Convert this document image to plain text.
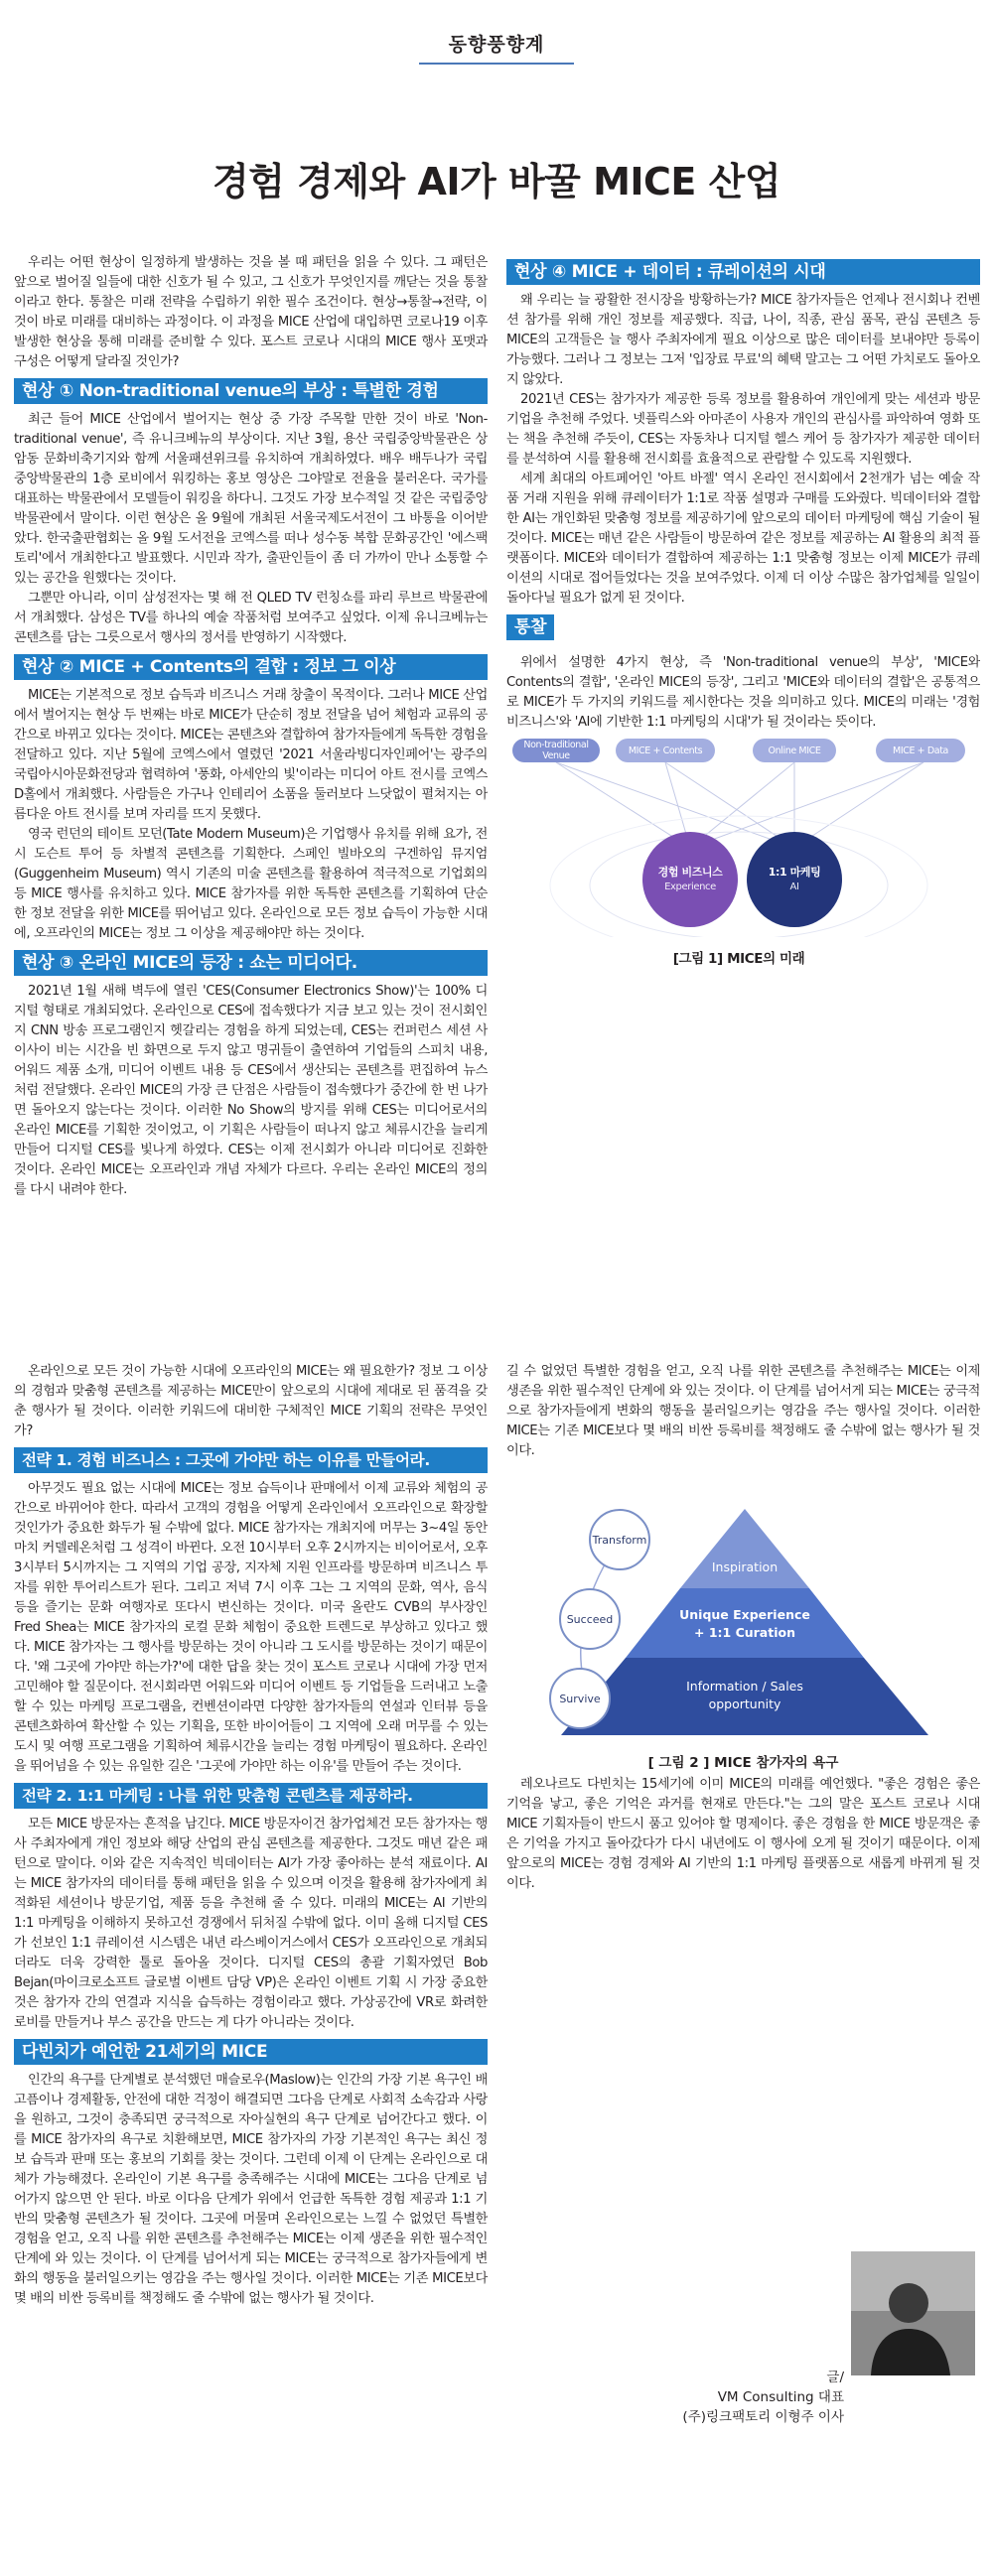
동향풍향계
경험 경제와 AI가 바꿀 MICE 산업

우리는 어떤 현상이 일정하게 발생하는 것을 볼 때 패턴을 읽을 수 있다. 그 패턴은 앞으로 벌어질 일들에 대한 신호가 될 수 있고, 그 신호가 무엇인지를 깨닫는 것을 통찰이라고 한다. 통찰은 미래 전략을 수립하기 위한 필수 조건이다. 현상→통찰→전략, 이것이 바로 미래를 대비하는 과정이다. 이 과정을 MICE 산업에 대입하면 코로나19 이후 발생한 현상을 통해 미래를 준비할 수 있다. 포스트 코로나 시대의 MICE 행사 포맷과 구성은 어떻게 달라질 것인가?

현상 ① Non-traditional venue의 부상 : 특별한 경험

최근 들어 MICE 산업에서 벌어지는 현상 중 가장 주목할 만한 것이 바로 'Non-traditional venue', 즉 유니크베뉴의 부상이다. 지난 3월, 용산 국립중앙박물관은 상암동 문화비축기지와 함께 서울패션위크를 유치하여 개최하였다. 배우 배두나가 국립중앙박물관의 1층 로비에서 워킹하는 홍보 영상은 그야말로 전율을 불러온다. 국가를 대표하는 박물관에서 모델들이 워킹을 하다니. 그것도 가장 보수적일 것 같은 국립중앙박물관에서 말이다. 이런 현상은 올 9월에 개최된 서울국제도서전이 그 바통을 이어받았다. 한국출판협회는 올 9월 도서전을 코엑스를 떠나 성수동 복합 문화공간인 '에스팩토리'에서 개최한다고 발표했다. 시민과 작가, 출판인들이 좀 더 가까이 만나 소통할 수 있는 공간을 원했다는 것이다.

그뿐만 아니라, 이미 삼성전자는 몇 해 전 QLED TV 런칭쇼를 파리 루브르 박물관에서 개최했다. 삼성은 TV를 하나의 예술 작품처럼 보여주고 싶었다. 이제 유니크베뉴는 콘텐츠를 담는 그릇으로서 행사의 정서를 반영하기 시작했다.

현상 ② MICE + Contents의 결합 : 정보 그 이상

MICE는 기본적으로 정보 습득과 비즈니스 거래 창출이 목적이다. 그러나 MICE 산업에서 벌어지는 현상 두 번째는 바로 MICE가 단순히 정보 전달을 넘어 체험과 교류의 공간으로 바뀌고 있다는 것이다. MICE는 콘텐츠와 결합하여 참가자들에게 독특한 경험을 전달하고 있다. 지난 5월에 코엑스에서 열렸던 '2021 서울라빙디자인페어'는 광주의 국립아시아문화전당과 협력하여 '풍화, 아세안의 빛'이라는 미디어 아트 전시를 코엑스 D홀에서 개최했다. 사람들은 가구나 인테리어 소품을 둘러보다 느닷없이 펼쳐지는 아름다운 아트 전시를 보며 자리를 뜨지 못했다.

영국 런던의 테이트 모던(Tate Modern Museum)은 기업행사 유치를 위해 요가, 전시 도슨트 투어 등 차별적 콘텐츠를 기획한다. 스페인 빌바오의 구겐하임 뮤지엄(Guggenheim Museum) 역시 기존의 미술 콘텐츠를 활용하여 적극적으로 기업회의 등 MICE 행사를 유치하고 있다. MICE 참가자를 위한 독특한 콘텐츠를 기획하여 단순한 정보 전달을 위한 MICE를 뛰어넘고 있다. 온라인으로 모든 정보 습득이 가능한 시대에, 오프라인의 MICE는 정보 그 이상을 제공해야만 하는 것이다.

현상 ③ 온라인 MICE의 등장 : 쇼는 미디어다.

2021년 1월 새해 벽두에 열린 'CES(Consumer Electronics Show)'는 100% 디지털 형태로 개최되었다. 온라인으로 CES에 접속했다가 지금 보고 있는 것이 전시회인지 CNN 방송 프로그램인지 헷갈리는 경험을 하게 되었는데, CES는 컨퍼런스 세션 사이사이 비는 시간을 빈 화면으로 두지 않고 명귀들이 출연하여 기업들의 스피치 내용, 어워드 제품 소개, 미디어 이벤트 내용 등 CES에서 생산되는 콘텐츠를 편집하여 뉴스처럼 전달했다. 온라인 MICE의 가장 큰 단점은 사람들이 접속했다가 중간에 한 번 나가면 돌아오지 않는다는 것이다. 이러한 No Show의 방지를 위해 CES는 미디어로서의 온라인 MICE를 기획한 것이었고, 이 기획은 사람들이 떠나지 않고 체류시간을 늘리게 만들어 디지털 CES를 빛나게 하였다. CES는 이제 전시회가 아니라 미디어로 진화한 것이다. 온라인 MICE는 오프라인과 개념 자체가 다르다. 우리는 온라인 MICE의 정의를 다시 내려야 한다.

현상 ④ MICE + 데이터 : 큐레이션의 시대

왜 우리는 늘 광활한 전시장을 방황하는가? MICE 참가자들은 언제나 전시회나 컨벤션 참가를 위해 개인 정보를 제공했다. 직급, 나이, 직종, 관심 품목, 관심 콘텐츠 등 MICE의 고객들은 늘 행사 주최자에게 필요 이상으로 많은 데이터를 보내야만 등록이 가능했다. 그러나 그 정보는 그저 '입장료 무료'의 혜택 말고는 그 어떤 가치로도 돌아오지 않았다.

2021년 CES는 참가자가 제공한 등록 정보를 활용하여 개인에게 맞는 세션과 방문 기업을 추천해 주었다. 넷플릭스와 아마존이 사용자 개인의 관심사를 파악하여 영화 또는 책을 추천해 주듯이, CES는 자동차나 디지털 헬스 케어 등 참가자가 제공한 데이터를 분석하여 시를 활용해 전시회를 효율적으로 관람할 수 있도록 지원했다.

세계 최대의 아트페어인 '아트 바젤' 역시 온라인 전시회에서 2천개가 넘는 예술 작품 거래 지원을 위해 큐레이터가 1:1로 작품 설명과 구매를 도와줬다. 빅데이터와 결합한 AI는 개인화된 맞춤형 정보를 제공하기에 앞으로의 데이터 마케팅에 핵심 기술이 될 것이다. MICE는 매년 같은 사람들이 방문하여 같은 정보를 제공하는 AI 활용의 최적 플랫폼이다. MICE와 데이터가 결합하여 제공하는 1:1 맞춤형 정보는 이제 MICE가 큐레이션의 시대로 접어들었다는 것을 보여주었다. 이제 더 이상 수많은 참가업체를 일일이 돌아다닐 필요가 없게 된 것이다.

통찰

위에서 설명한 4가지 현상, 즉 'Non-traditional venue의 부상', 'MICE와 Contents의 결합', '온라인 MICE의 등장', 그리고 'MICE와 데이터의 결합'은 공통적으로 MICE가 두 가지의 키워드를 제시한다는 것을 의미하고 있다. MICE의 미래는 '경험 비즈니스'와 'AI에 기반한 1:1 마케팅의 시대'가 될 것이라는 뜻이다.

Non-traditional Venue	MICE + Contents	Online MICE	MICE + Data
경험 비즈니스
Experience
1:1 마케팅
AI
[그림 1] MICE의 미래

온라인으로 모든 것이 가능한 시대에 오프라인의 MICE는 왜 필요한가? 정보 그 이상의 경험과 맞춤형 콘텐츠를 제공하는 MICE만이 앞으로의 시대에 제대로 된 품격을 갖춘 행사가 될 것이다. 이러한 키워드에 대비한 구체적인 MICE 기획의 전략은 무엇인가?

전략 1. 경험 비즈니스 : 그곳에 가야만 하는 이유를 만들어라.

아무것도 필요 없는 시대에 MICE는 정보 습득이나 판매에서 이제 교류와 체험의 공간으로 바뀌어야 한다. 따라서 고객의 경험을 어떻게 온라인에서 오프라인으로 확장할 것인가가 중요한 화두가 될 수밖에 없다. MICE 참가자는 개최지에 머무는 3~4일 동안 마치 커델레온처럼 그 성격이 바뀐다. 오전 10시부터 오후 2시까지는 비이어로서, 오후 3시부터 5시까지는 그 지역의 기업 공장, 지자체 지원 인프라를 방문하며 비즈니스 투자를 위한 투어리스트가 된다. 그리고 저녁 7시 이후 그는 그 지역의 문화, 역사, 음식 등을 즐기는 문화 여행자로 또다시 변신하는 것이다. 미국 올란도 CVB의 부사장인 Fred Shea는 MICE 참가자의 로컬 문화 체험이 중요한 트렌드로 부상하고 있다고 했다. MICE 참가자는 그 행사를 방문하는 것이 아니라 그 도시를 방문하는 것이기 때문이다. '왜 그곳에 가야만 하는가?'에 대한 답을 찾는 것이 포스트 코로나 시대에 가장 먼저 고민해야 할 질문이다. 전시회라면 어워드와 미디어 이벤트 등 기업들을 드러내고 노출할 수 있는 마케팅 프로그램을, 컨벤션이라면 다양한 참가자들의 연설과 인터뷰 등을 콘텐츠화하여 확산할 수 있는 기획을, 또한 바이어들이 그 지역에 오래 머무를 수 있는 도시 및 여행 프로그램을 기획하여 체류시간을 늘리는 경험 마케팅이 필요하다. 온라인을 뛰어넘을 수 있는 유일한 길은 '그곳에 가야만 하는 이유'를 만들어 주는 것이다.

전략 2. 1:1 마케팅 : 나를 위한 맞춤형 콘텐츠를 제공하라.

모든 MICE 방문자는 흔적을 남긴다. MICE 방문자이건 참가업체건 모든 참가자는 행사 주최자에게 개인 정보와 해당 산업의 관심 콘텐츠를 제공한다. 그것도 매년 같은 패턴으로 말이다. 이와 같은 지속적인 빅데이터는 AI가 가장 좋아하는 분석 재료이다. AI는 MICE 참가자의 데이터를 통해 패턴을 읽을 수 있으며 이것을 활용해 참가자에게 최적화된 세션이나 방문기업, 제품 등을 추천해 줄 수 있다. 미래의 MICE는 AI 기반의 1:1 마케팅을 이해하지 못하고선 경쟁에서 뒤처질 수밖에 없다. 이미 올해 디지털 CES가 선보인 1:1 큐레이션 시스템은 내년 라스베이거스에서 CES가 오프라인으로 개최되더라도 더욱 강력한 툴로 돌아올 것이다. 디지털 CES의 총괄 기획자였던 Bob Bejan(마이크로소프트 글로벌 이벤트 담당 VP)은 온라인 이벤트 기획 시 가장 중요한 것은 참가자 간의 연결과 지식을 습득하는 경험이라고 했다. 가상공간에 VR로 화려한 로비를 만들거나 부스 공간을 만드는 게 다가 아니라는 것이다.

다빈치가 예언한 21세기의 MICE

인간의 욕구를 단계별로 분석했던 매슬로우(Maslow)는 인간의 가장 기본 욕구인 배고픔이나 경제활동, 안전에 대한 걱정이 해결되면 그다음 단계로 사회적 소속감과 사랑을 원하고, 그것이 충족되면 궁극적으로 자아실현의 욕구 단계로 넘어간다고 했다. 이를 MICE 참가자의 욕구로 치환해보면, MICE 참가자의 가장 기본적인 욕구는 최신 정보 습득과 판매 또는 홍보의 기회를 찾는 것이다. 그런데 이제 이 단계는 온라인으로 대체가 가능해졌다. 온라인이 기본 욕구를 충족해주는 시대에 MICE는 그다음 단계로 넘어가지 않으면 안 된다. 바로 이다음 단계가 위에서 언급한 독특한 경험 제공과 1:1 기반의 맞춤형 콘텐츠가 될 것이다. 그곳에 머물며 온라인으로는 느낄 수 없었던 특별한 경험을 얻고, 오직 나를 위한 콘텐츠를 추천해주는 MICE는 이제 생존을 위한 필수적인 단계에 와 있는 것이다. 이 단계를 넘어서게 되는 MICE는 궁극적으로 참가자들에게 변화의 행동을 불러일으키는 영감을 주는 행사일 것이다. 이러한 MICE는 기존 MICE보다 몇 배의 비싼 등록비를 책정해도 줄 수밖에 없는 행사가 될 것이다.

길 수 없었던 특별한 경험을 얻고, 오직 나를 위한 콘텐츠를 추천해주는 MICE는 이제 생존을 위한 필수적인 단계에 와 있는 것이다. 이 단계를 넘어서게 되는 MICE는 궁극적으로 참가자들에게 변화의 행동을 불러일으키는 영감을 주는 행사일 것이다. 이러한 MICE는 기존 MICE보다 몇 배의 비싼 등록비를 책정해도 줄 수밖에 없는 행사가 될 것이다.

Inspiration
Unique Experience
+ 1:1 Curation
Information / Sales
opportunity
Transform
Succeed
Survive
[ 그림 2 ] MICE 참가자의 욕구

레오나르도 다빈치는 15세기에 이미 MICE의 미래를 예언했다. "좋은 경험은 좋은 기억을 낳고, 좋은 기억은 과거를 현재로 만든다."는 그의 말은 포스트 코로나 시대 MICE 기획자들이 반드시 품고 있어야 할 명제이다. 좋은 경험을 한 MICE 방문객은 좋은 기억을 가지고 돌아갔다가 다시 내년에도 이 행사에 오게 될 것이기 때문이다. 이제 앞으로의 MICE는 경험 경제와 AI 기반의 1:1 마케팅 플랫폼으로 새롭게 바뀌게 될 것이다.

글/
VM Consulting 대표
(주)링크팩토리 이형주 이사
